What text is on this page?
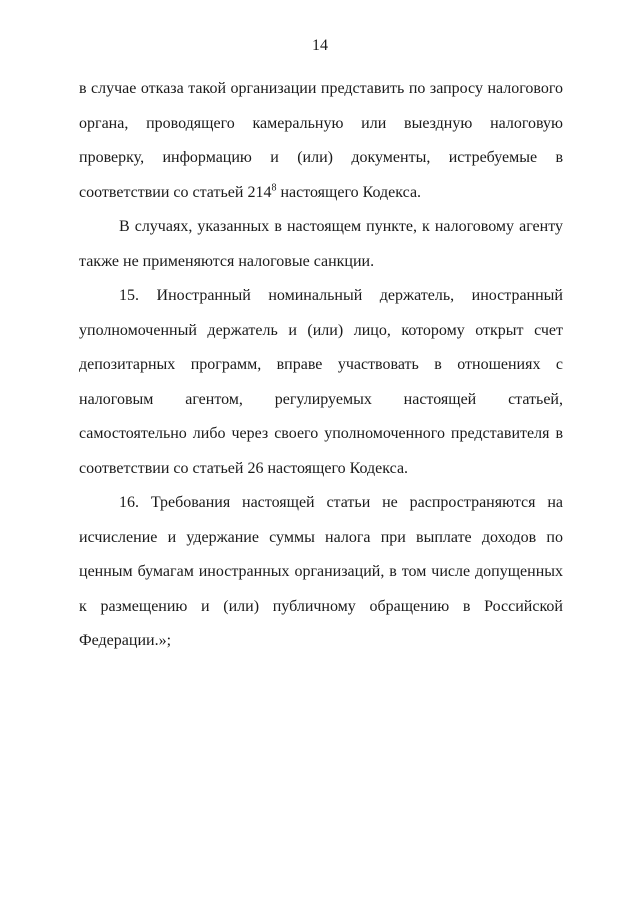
14

в случае отказа такой организации представить по запросу налогового органа, проводящего камеральную или выездную налоговую проверку, информацию и (или) документы, истребуемые в соответствии со статьей $214^8$ настоящего Кодекса.

В случаях, указанных в настоящем пункте, к налоговому агенту также не применяются налоговые санкции.

15. Иностранный номинальный держатель, иностранный уполномоченный держатель и (или) лицо, которому открыт счет депозитарных программ, вправе участвовать в отношениях с налоговым агентом, регулируемых настоящей статьей, самостоятельно либо через своего уполномоченного представителя в соответствии со статьей 26 настоящего Кодекса.

16. Требования настоящей статьи не распространяются на исчисление и удержание суммы налога при выплате доходов по ценным бумагам иностранных организаций, в том числе допущенных к размещению и (или) публичному обращению в Российской Федерации.»;
